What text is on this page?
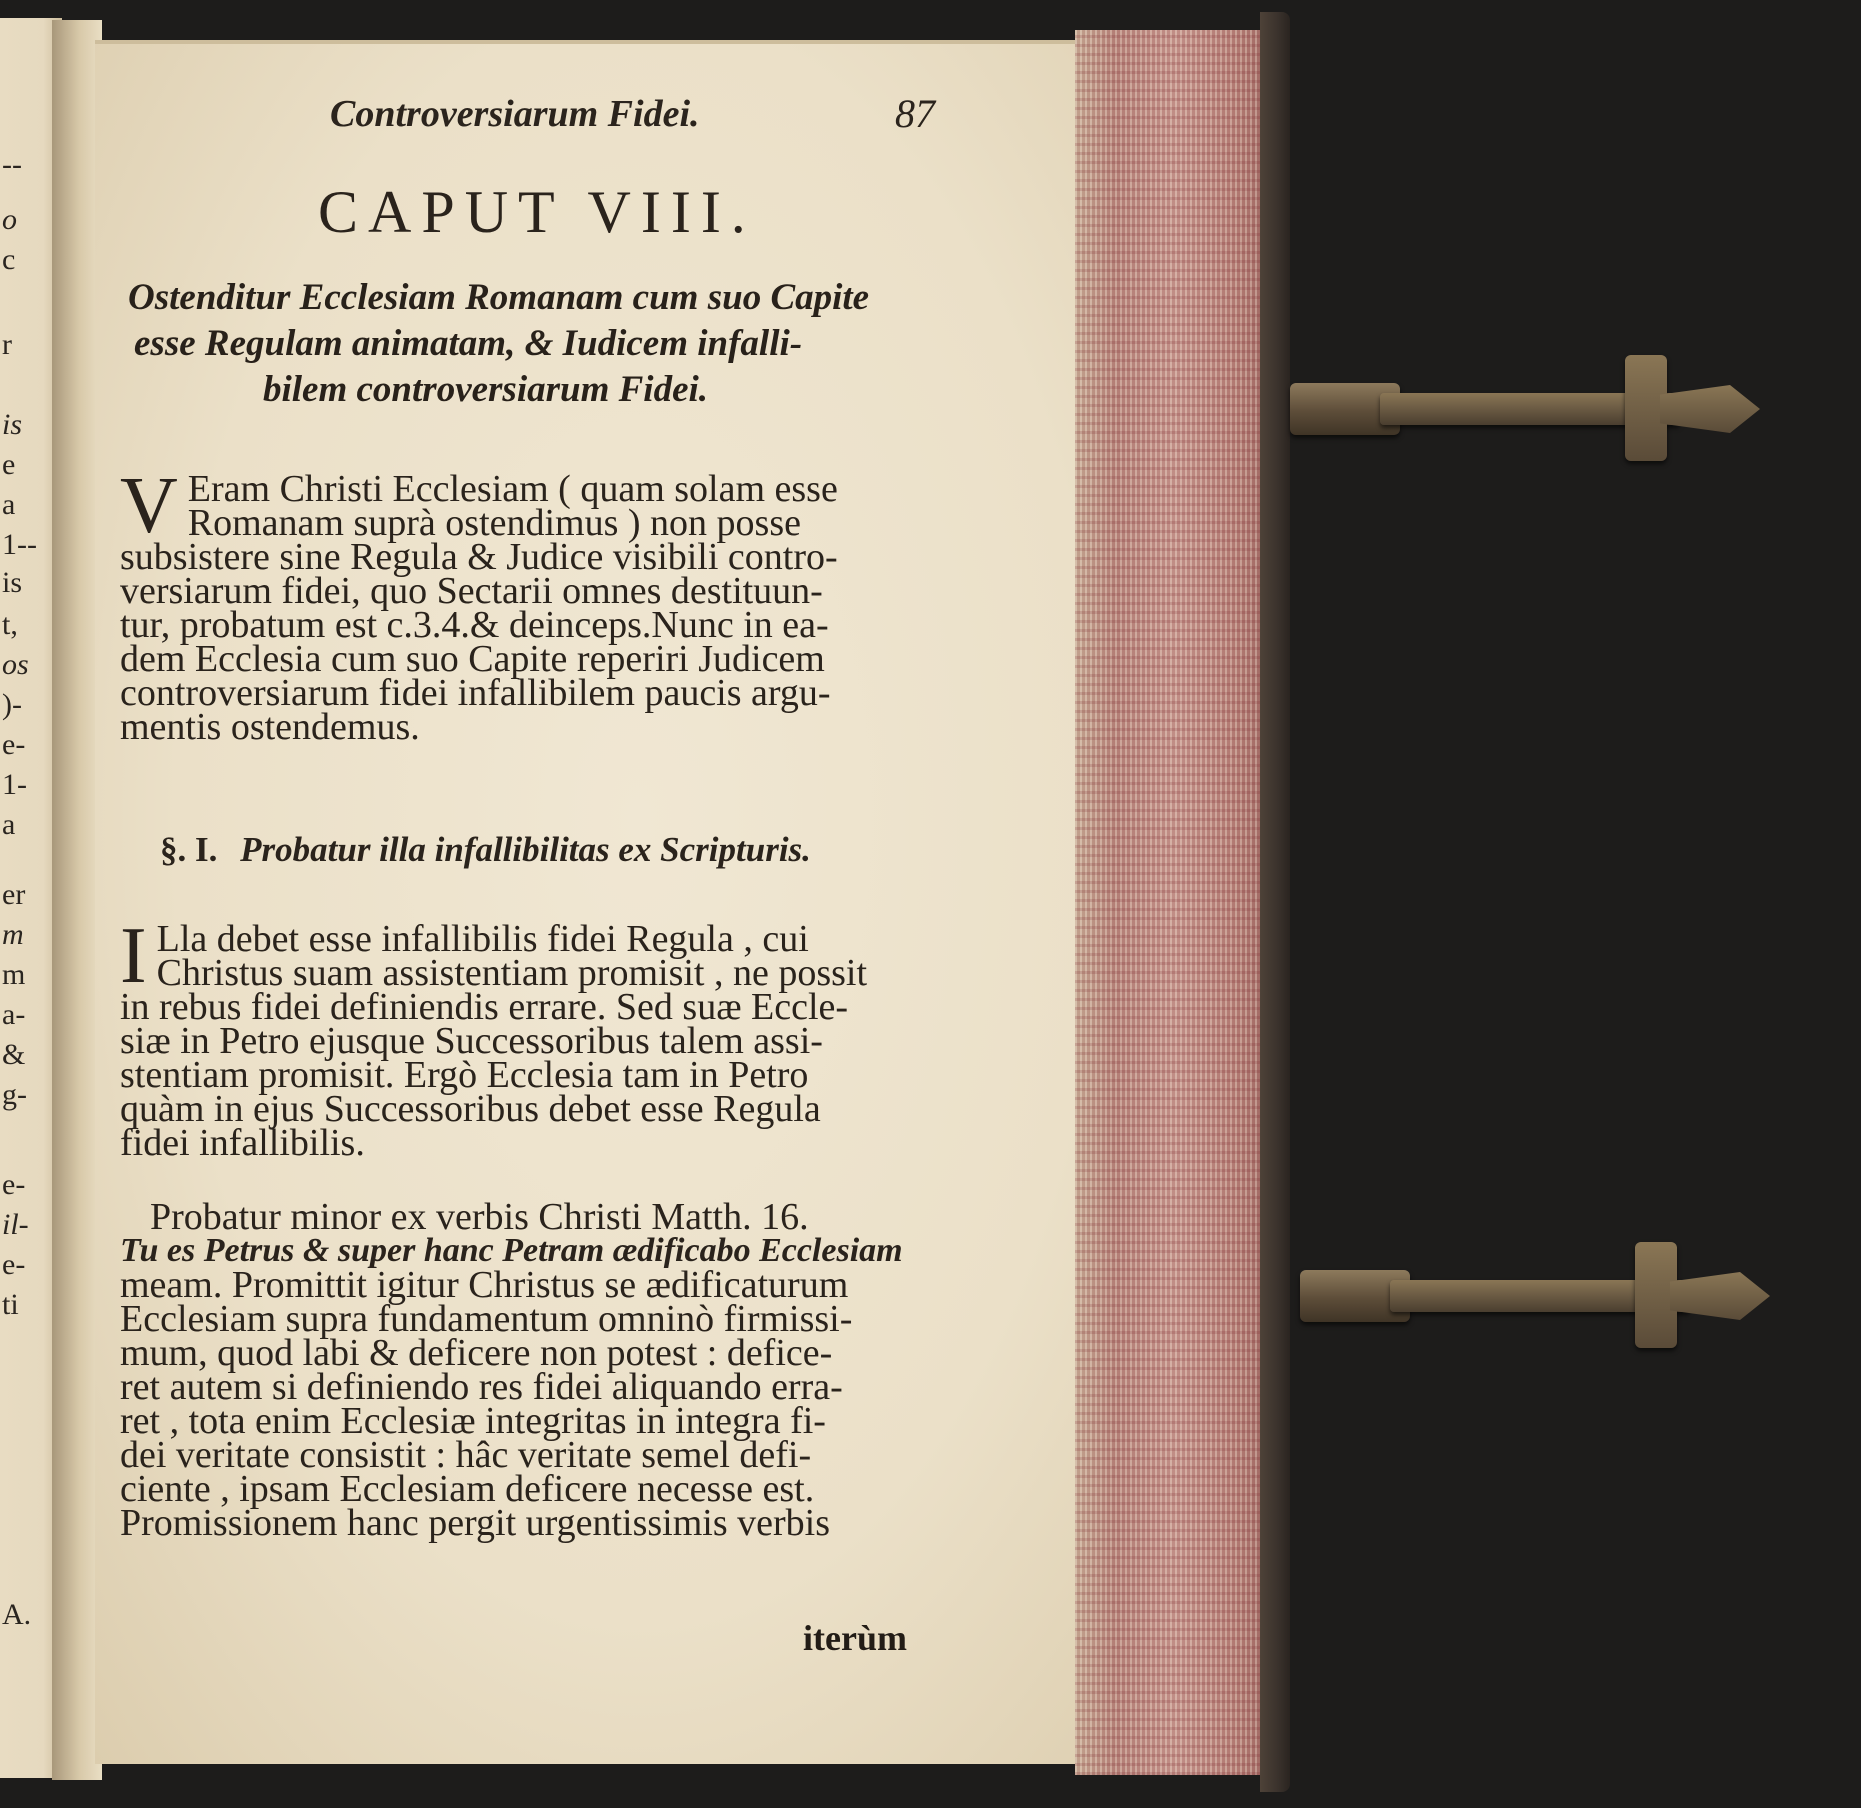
--
o
c
r
is
e
a
1--
is
t,
os
)-
e-
1-
a
er
m
m
a-
&
g-
e-
il-
e-
ti
A.
Controversiarum Fidei.	87
CAPUT VIII.
Ostenditur Ecclesiam Romanam cum suo Capite
esse Regulam animatam, & Iudicem infalli-
bilem controversiarum Fidei.
V Eram Christi Ecclesiam ( quam solam esse
Romanam suprà ostendimus ) non posse
subsistere sine Regula & Judice visibili contro-
versiarum fidei, quo Sectarii omnes destituun-
tur, probatum est c.3.4.& deinceps.Nunc in ea-
dem Ecclesia cum suo Capite reperiri Judicem
controversiarum fidei infallibilem paucis argu-
mentis ostendemus.
§. I. Probatur illa infallibilitas ex Scripturis.
I Lla debet esse infallibilis fidei Regula , cui
Christus suam assistentiam promisit , ne possit
in rebus fidei definiendis errare. Sed suæ Eccle-
siæ in Petro ejusque Successoribus talem assi-
stentiam promisit. Ergò Ecclesia tam in Petro
quàm in ejus Successoribus debet esse Regula
fidei infallibilis.
Probatur minor ex verbis Christi Matth. 16.
Tu es Petrus & super hanc Petram ædificabo Ecclesiam
meam. Promittit igitur Christus se ædificaturum
Ecclesiam supra fundamentum omninò firmissi-
mum, quod labi & deficere non potest : defice-
ret autem si definiendo res fidei aliquando erra-
ret , tota enim Ecclesiæ integritas in integra fi-
dei veritate consistit : hâc veritate semel defi-
ciente , ipsam Ecclesiam deficere necesse est.
Promissionem hanc pergit urgentissimis verbis
iterùm
